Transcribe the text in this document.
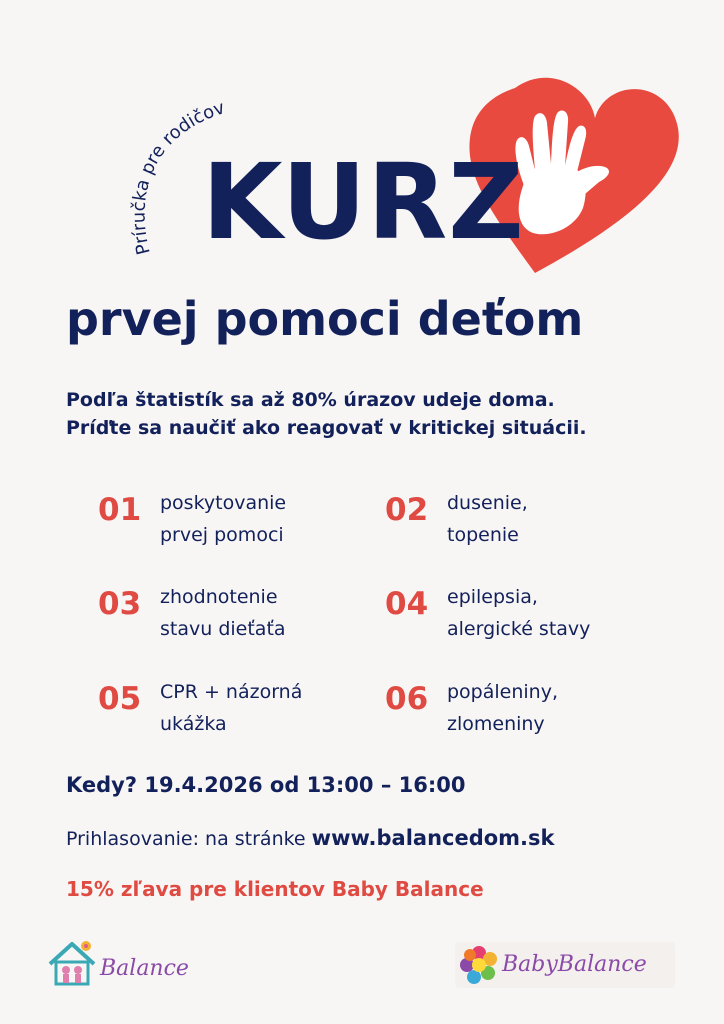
Príručka pre rodičov
KURZ
prvej pomoci deťom
Podľa štatistík sa až 80% úrazov udeje doma.
Príďte sa naučiť ako reagovať v kritickej situácii.
01 poskytovanie
prvej pomoci
02 dusenie,
topenie
03 zhodnotenie
stavu dieťaťa
04 epilepsia,
alergické stavy
05 CPR + názorná
ukážka
06 popáleniny,
zlomeniny
Kedy? 19.4.2026 od 13:00 – 16:00
Prihlasovanie: na stránke www.balancedom.sk
15% zľava pre klientov Baby Balance
Balance	BabyBalance
